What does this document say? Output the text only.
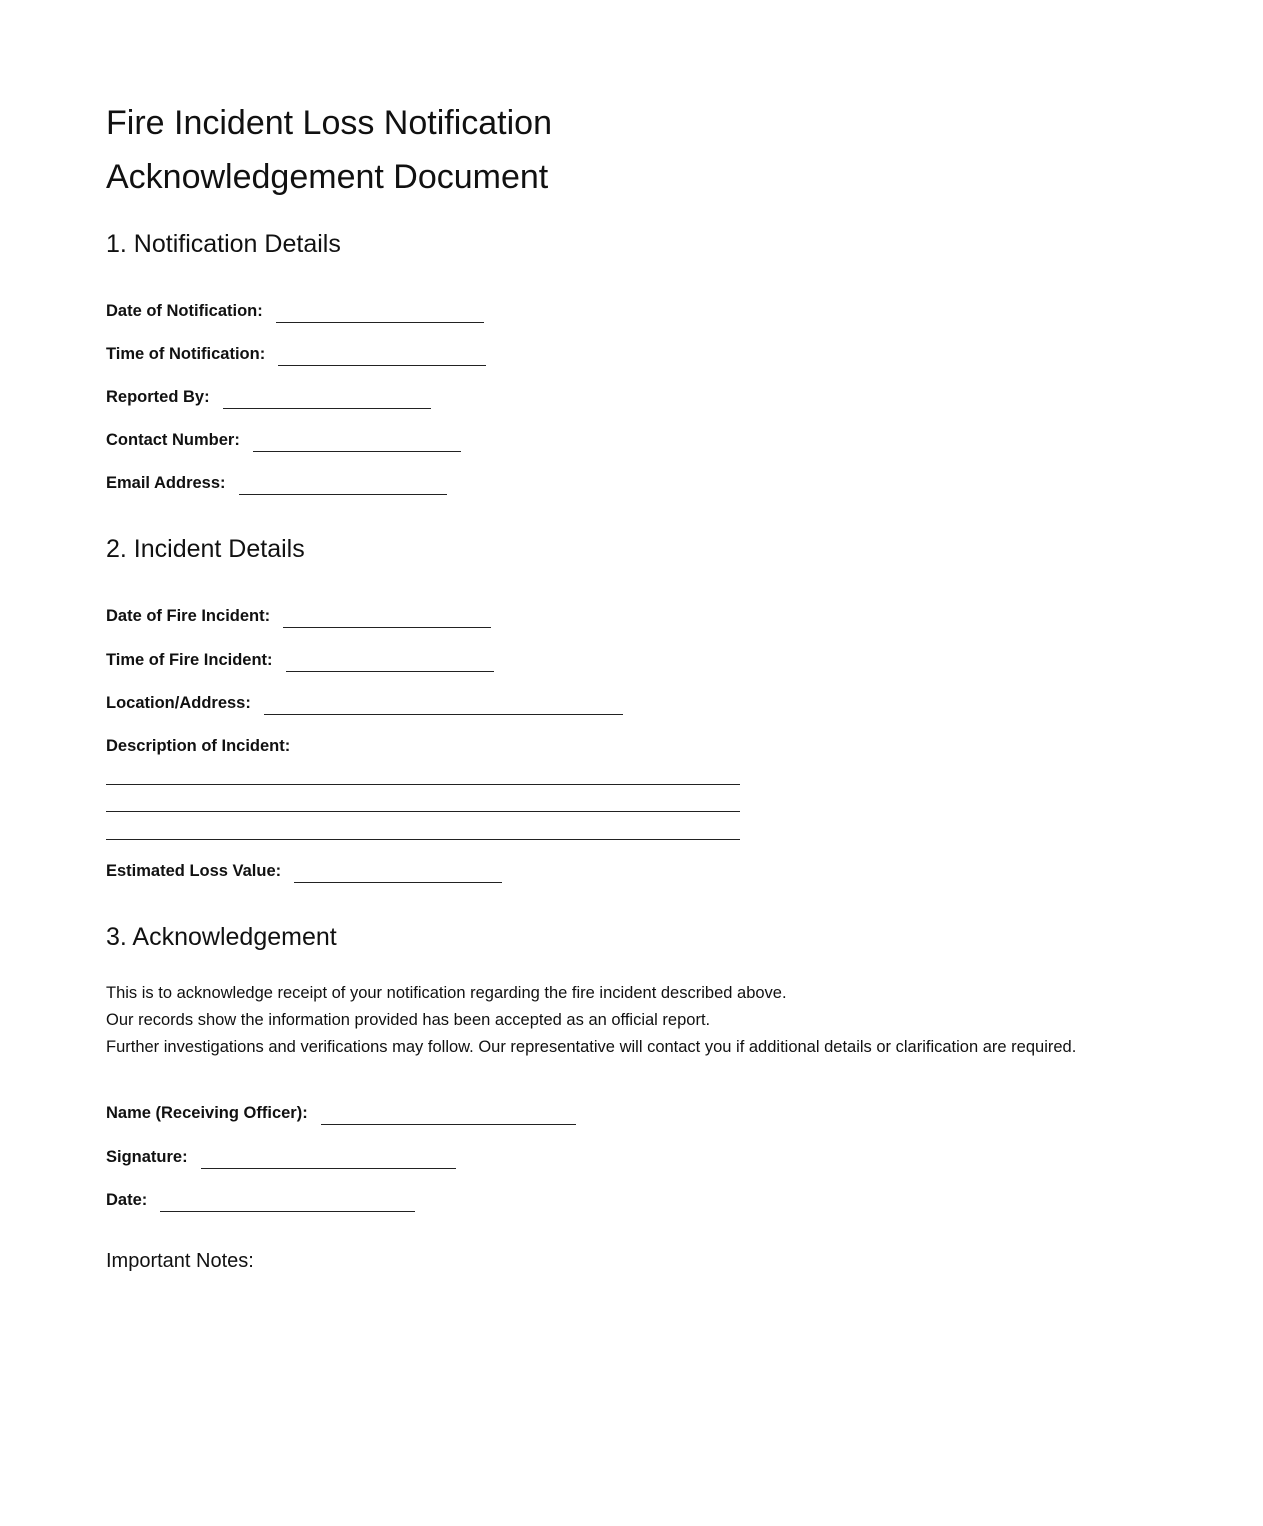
Fire Incident Loss Notification Acknowledgement Document
1. Notification Details
Date of Notification:
Time of Notification:
Reported By:
Contact Number:
Email Address:
2. Incident Details
Date of Fire Incident:
Time of Fire Incident:
Location/Address:
Description of Incident:
Estimated Loss Value:
3. Acknowledgement

This is to acknowledge receipt of your notification regarding the fire incident described above.
Our records show the information provided has been accepted as an official report.
Further investigations and verifications may follow. Our representative will contact you if additional details or clarification are required.

Name (Receiving Officer):
Signature:
Date:
Important Notes:
